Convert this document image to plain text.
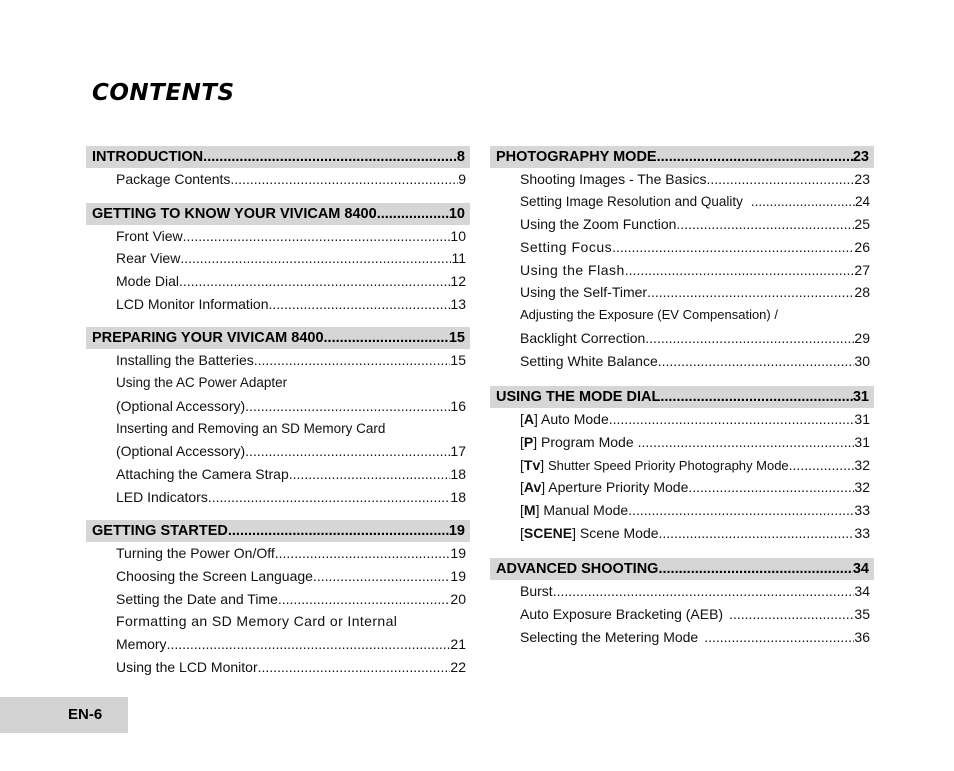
CONTENTS
INTRODUCTION .....	8
Package Contents .....	9
GETTING TO KNOW YOUR VIVICAM 8400 .....	10
Front View .....	10
Rear View .....	11
Mode Dial .....	12
LCD Monitor Information .....	13
PREPARING YOUR VIVICAM 8400 .....	15
Installing the Batteries .....	15
Using the AC Power Adapter
(Optional Accessory) .....	16
Inserting and Removing an SD Memory Card
(Optional Accessory) .....	17
Attaching the Camera Strap .....	18
LED Indicators .....	18
GETTING STARTED .....	19
Turning the Power On/Off .....	19
Choosing the Screen Language .....	19
Setting the Date and Time .....	20
Formatting an SD Memory Card or Internal
Memory .....	21
Using the LCD Monitor .....	22
PHOTOGRAPHY MODE .....	23
Shooting Images - The Basics .....	23
Setting Image Resolution and Quality .....	24
Using the Zoom Function .....	25
Setting Focus .....	26
Using the Flash .....	27
Using the Self-Timer .....	28
Adjusting the Exposure (EV Compensation) /
Backlight Correction .....	29
Setting White Balance .....	30
USING THE MODE DIAL .....	31
[A] Auto Mode .....	31
[P] Program Mode .....	31
[Tv] Shutter Speed Priority Photography Mode .....	32
[Av] Aperture Priority Mode .....	32
[M] Manual Mode .....	33
[SCENE] Scene Mode .....	33
ADVANCED SHOOTING .....	34
Burst .....	34
Auto Exposure Bracketing (AEB) .....	35
Selecting the Metering Mode .....	36
EN-6
